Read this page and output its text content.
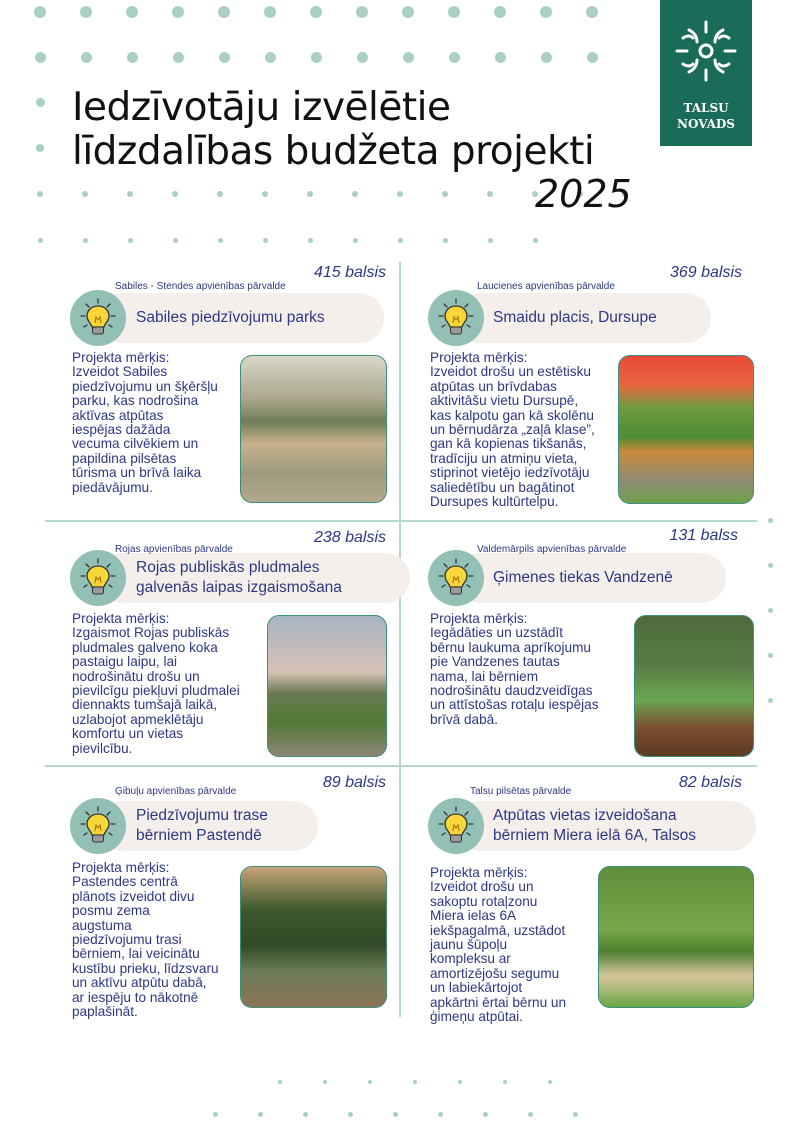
Iedzīvotāju izvēlētie
līdzdalības budžeta projekti
2025
TALSU
NOVADS
415 balsis
Sabiles piedzīvojumu parks
Sabiles - Stendes apvienības pārvalde
Projekta mērķis:
Izveidot Sabiles
piedzīvojumu un šķēršļu
parku, kas nodrošina
aktīvas atpūtas
iespējas dažāda
vecuma cilvēkiem un
papildina pilsētas
tūrisma un brīvā laika
piedāvājumu.
369 balsis
Smaidu placis, Dursupe
Laucienes apvienības pārvalde
Projekta mērķis:
Izveidot drošu un estētisku
atpūtas un brīvdabas
aktivitāšu vietu Dursupē,
kas kalpotu gan kā skolēnu
un bērnudārza „zaļā klase”,
gan kā kopienas tikšanās,
tradīciju un atmiņu vieta,
stiprinot vietējo iedzīvotāju
saliedētību un bagātinot
Dursupes kultūrtelpu.
238 balsis
Rojas publiskās pludmales
galvenās laipas izgaismošana
Rojas apvienības pārvalde
Projekta mērķis:
Izgaismot Rojas publiskās
pludmales galveno koka
pastaigu laipu, lai
nodrošinātu drošu un
pievilcīgu piekļuvi pludmalei
diennakts tumšajā laikā,
uzlabojot apmeklētāju
komfortu un vietas
pievilcību.
131 balss
Ģimenes tiekas Vandzenē
Valdemārpils apvienības pārvalde
Projekta mērķis:
Iegādāties un uzstādīt
bērnu laukuma aprīkojumu
pie Vandzenes tautas
nama, lai bērniem
nodrošinātu daudzveidīgas
un attīstošas rotaļu iespējas
brīvā dabā.
89 balsis
Piedzīvojumu trase
bērniem Pastendē
Ģibuļu apvienības pārvalde
Projekta mērķis:
Pastendes centrā
plānots izveidot divu
posmu zema
augstuma
piedzīvojumu trasi
bērniem, lai veicinātu
kustību prieku, līdzsvaru
un aktīvu atpūtu dabā,
ar iespēju to nākotnē
paplašināt.
82 balsis
Atpūtas vietas izveidošana
bērniem Miera ielā 6A, Talsos
Talsu pilsētas pārvalde
Projekta mērķis:
Izveidot drošu un
sakoptu rotaļzonu
Miera ielas 6A
iekšpagalmā, uzstādot
jaunu šūpoļu
kompleksu ar
amortizējošu segumu
un labiekārtojot
apkārtni ērtai bērnu un
ģimeņu atpūtai.
